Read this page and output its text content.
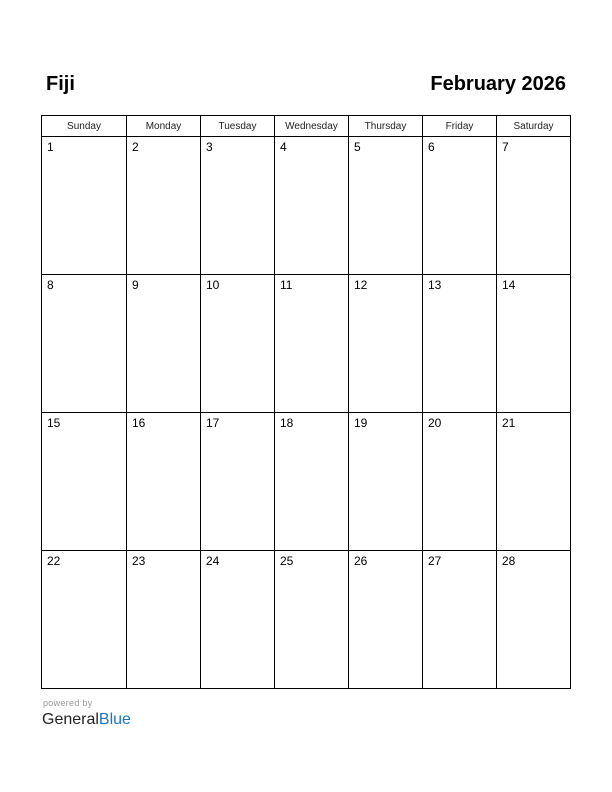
Fiji	February 2026
Sunday	Monday	Tuesday	Wednesday	Thursday	Friday	Saturday

1	2	3	4	5	6	7

8	9	10	11	12	13	14

15	16	17	18	19	20	21

22	23	24	25	26	27	28
powered by
GeneralBlue
